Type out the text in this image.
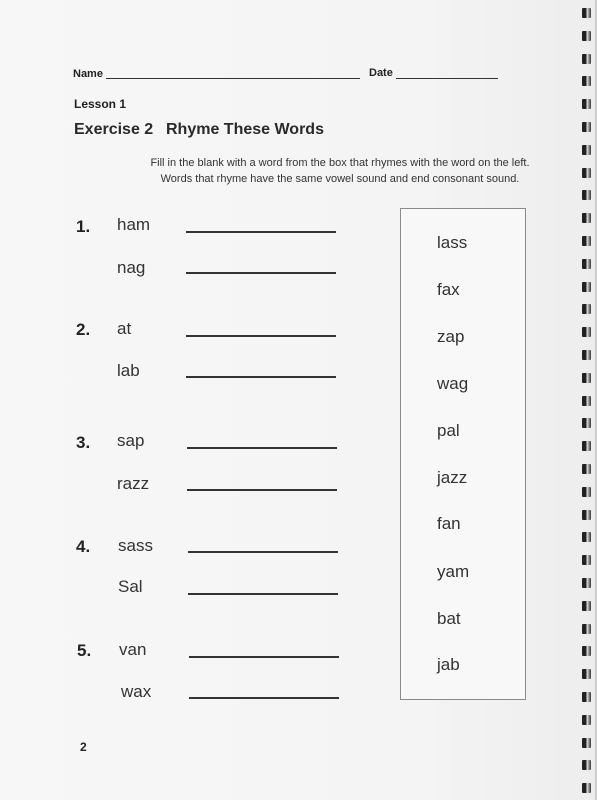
Name	Date
Lesson 1
Exercise 2 Rhyme These Words
Fill in the blank with a word from the box that rhymes with the word on the left.
Words that rhyme have the same vowel sound and end consonant sound.
1. ham
nag
2. at
lab
3. sap
razz
4. sass
Sal
5. van
wax
lass
fax
zap
wag
pal
jazz
fan
yam
bat
jab
2
